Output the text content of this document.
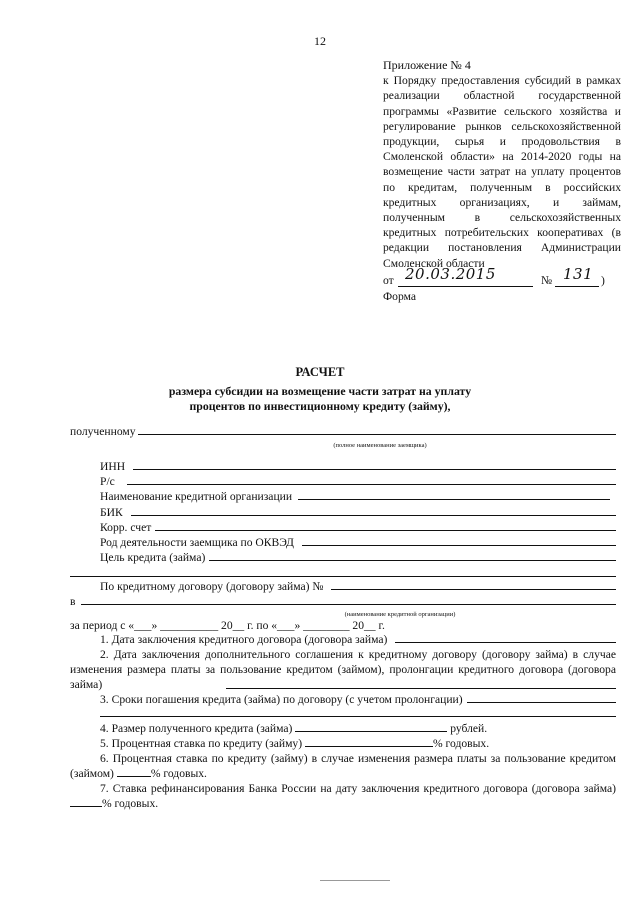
12
Приложение № 4
к Порядку предоставления субсидий в рамках реализации областной государственной программы «Развитие сельского хозяйства и регулирование рынков сельскохозяйственной продукции, сырья и продовольствия в Смоленской области» на 2014-2020 годы на возмещение части затрат на уплату процентов по кредитам, полученным в российских кредитных организациях, и займам, полученным в сельскохозяйственных кредитных потребительских кооперативах (в редакции постановления Администрации Смоленской области
от 20.03.2015	№ 131 )
Форма
РАСЧЕТ
размера субсидии на возмещение части затрат на уплату
процентов по инвестиционному кредиту (займу),
полученному
(полное наименование заемщика)
ИНН
Р/с
Наименование кредитной организации
БИК
Корр. счет
Род деятельности заемщика по ОКВЭД
Цель кредита (займа)
По кредитному договору (договору займа) №
в
(наименование кредитной организации)
за период с «___» __________ 20__ г. по «___» ________ 20__ г.
1. Дата заключения кредитного договора (договора займа)
2. Дата заключения дополнительного соглашения к кредитному договору (договору займа) в случае изменения размера платы за пользование кредитом (займом), пролонгации кредитного договора (договора займа)
3. Сроки погашения кредита (займа) по договору (с учетом пролонгации)
4. Размер полученного кредита (займа)	рублей.
5. Процентная ставка по кредиту (займу)	% годовых.
6. Процентная ставка по кредиту (займу) в случае изменения размера платы за пользование кредитом (займом)	% годовых.
7. Ставка рефинансирования Банка России на дату заключения кредитного договора (договора займа) % годовых.
